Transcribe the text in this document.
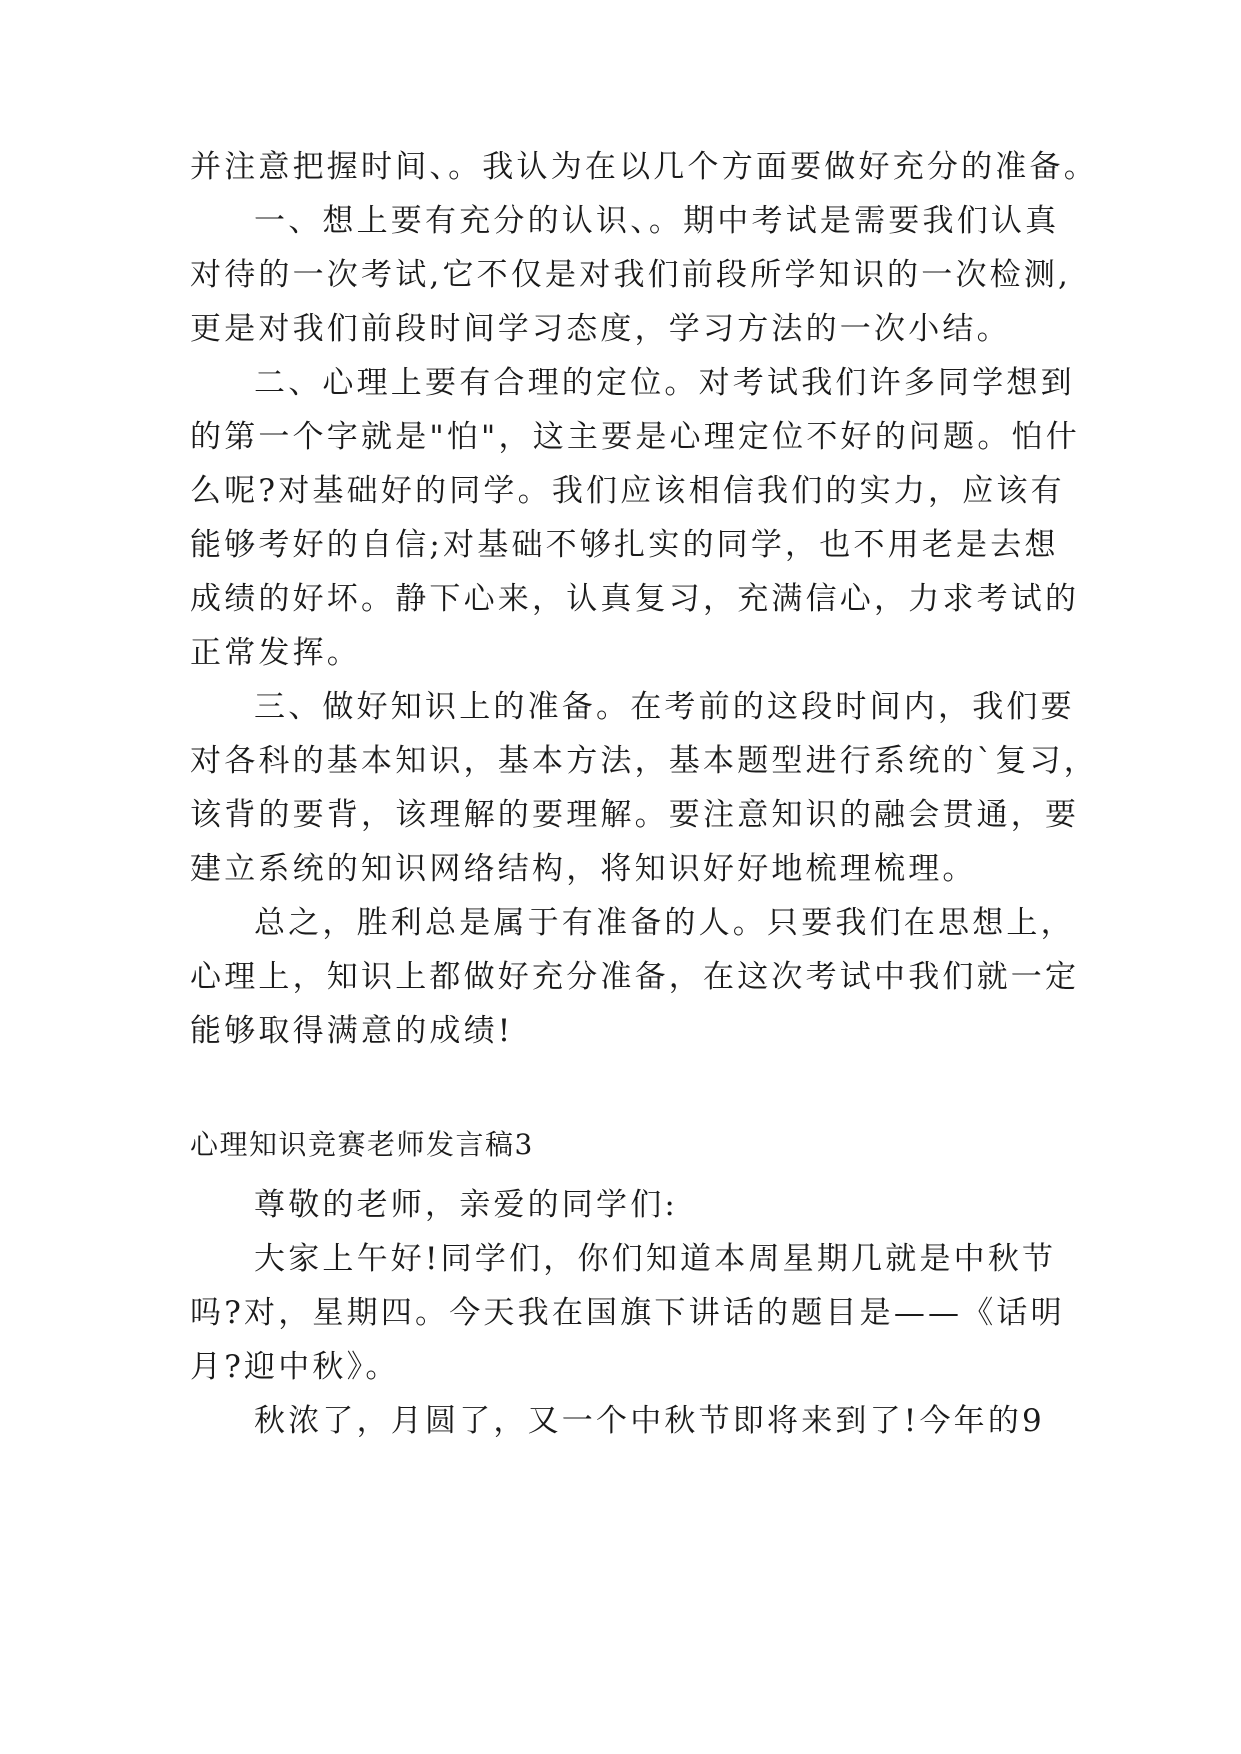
并注意把握时间、。我认为在以几个方面要做好充分的准备。
一、想上要有充分的认识、。期中考试是需要我们认真
对待的一次考试,它不仅是对我们前段所学知识的一次检测,
更是对我们前段时间学习态度，学习方法的一次小结。
二、心理上要有合理的定位。对考试我们许多同学想到
的第一个字就是"怕"，这主要是心理定位不好的问题。怕什
么呢?对基础好的同学。我们应该相信我们的实力，应该有
能够考好的自信;对基础不够扎实的同学，也不用老是去想
成绩的好坏。静下心来，认真复习，充满信心，力求考试的
正常发挥。
三、做好知识上的准备。在考前的这段时间内，我们要
对各科的基本知识，基本方法，基本题型进行系统的`复习，
该背的要背，该理解的要理解。要注意知识的融会贯通，要
建立系统的知识网络结构，将知识好好地梳理梳理。
总之，胜利总是属于有准备的人。只要我们在思想上，
心理上，知识上都做好充分准备，在这次考试中我们就一定
能够取得满意的成绩!
心理知识竞赛老师发言稿3
尊敬的老师，亲爱的同学们:
大家上午好!同学们，你们知道本周星期几就是中秋节
吗?对，星期四。今天我在国旗下讲话的题目是——《话明
月?迎中秋》。
秋浓了，月圆了，又一个中秋节即将来到了!今年的9
